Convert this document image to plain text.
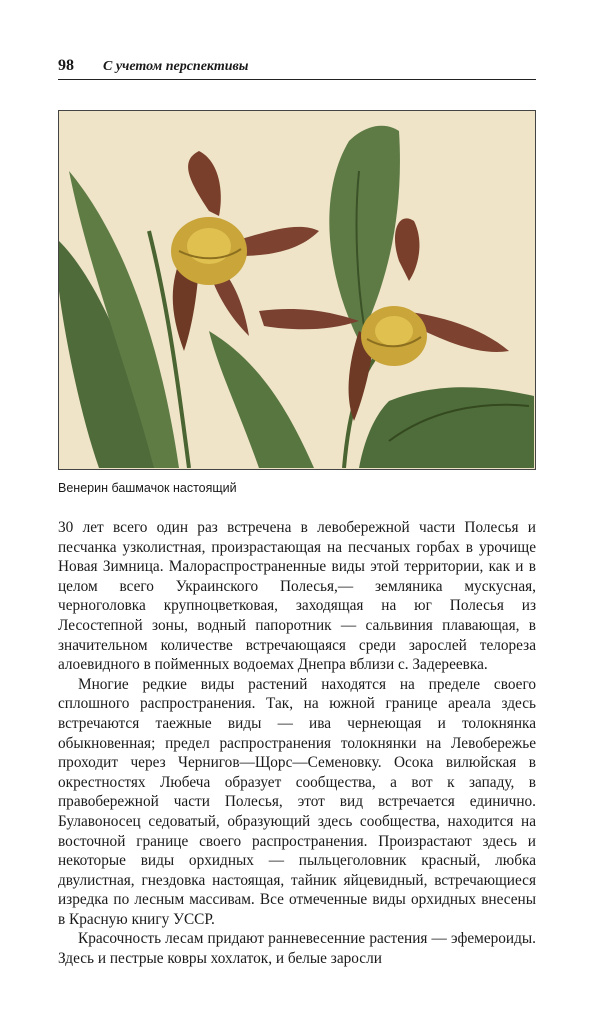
98 С учетом перспективы
Венерин башмачок настоящий

30 лет всего один раз встречена в левобережной части Полесья и песчанка узколистная, произрастающая на песчаных горбах в урочище Новая Зимница. Малораспространенные виды этой территории, как и в целом всего Украинского Полесья,— земляника мускусная, черноголовка крупноцветковая, заходящая на юг Полесья из Лесостепной зоны, водный папоротник — сальвиния плавающая, в значительном количестве встречающаяся среди зарослей телореза алоевидного в пойменных водоемах Днепра вблизи с. Задереевка.

Многие редкие виды растений находятся на пределе своего сплошного распространения. Так, на южной границе ареала здесь встречаются таежные виды — ива чернеющая и толокнянка обыкновенная; предел распространения толокнянки на Левобережье проходит через Чернигов—Щорс—Семеновку. Осока вилюйская в окрестностях Любеча образует сообщества, а вот к западу, в правобережной части Полесья, этот вид встречается единично. Булавоносец седоватый, образующий здесь сообщества, находится на восточной границе своего распространения. Произрастают здесь и некоторые виды орхидных — пыльцеголовник красный, любка двулистная, гнездовка настоящая, тайник яйцевидный, встречающиеся изредка по лесным массивам. Все отмеченные виды орхидных внесены в Красную книгу УССР.

Красочность лесам придают ранневесенние растения — эфемероиды. Здесь и пестрые ковры хохлаток, и белые заросли
